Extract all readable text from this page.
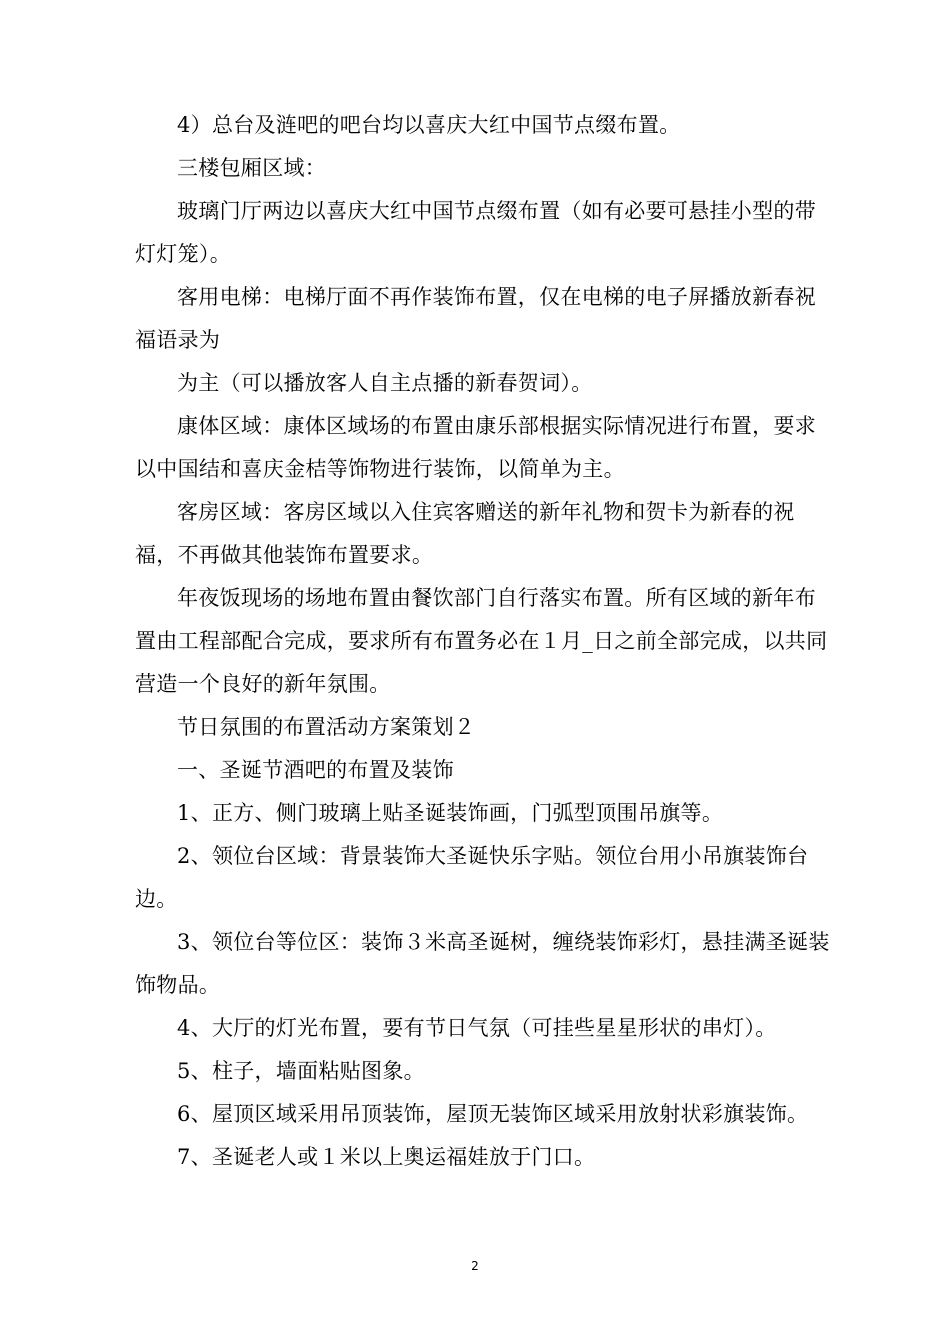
4）总台及涟吧的吧台均以喜庆大红中国节点缀布置。

三楼包厢区域：

玻璃门厅两边以喜庆大红中国节点缀布置（如有必要可悬挂小型的带灯灯笼）。

客用电梯：电梯厅面不再作装饰布置，仅在电梯的电子屏播放新春祝福语录为

为主（可以播放客人自主点播的新春贺词）。

康体区域：康体区域场的布置由康乐部根据实际情况进行布置，要求以中国结和喜庆金桔等饰物进行装饰，以简单为主。

客房区域：客房区域以入住宾客赠送的新年礼物和贺卡为新春的祝福，不再做其他装饰布置要求。

年夜饭现场的场地布置由餐饮部门自行落实布置。所有区域的新年布置由工程部配合完成，要求所有布置务必在１月_日之前全部完成，以共同营造一个良好的新年氛围。

节日氛围的布置活动方案策划２

一、圣诞节酒吧的布置及装饰

1、正方、侧门玻璃上贴圣诞装饰画，门弧型顶围吊旗等。

2、领位台区域：背景装饰大圣诞快乐字贴。领位台用小吊旗装饰台边。

3、领位台等位区：装饰３米高圣诞树，缠绕装饰彩灯，悬挂满圣诞装饰物品。

4、大厅的灯光布置，要有节日气氛（可挂些星星形状的串灯）。

5、柱子，墙面粘贴图象。

6、屋顶区域采用吊顶装饰，屋顶无装饰区域采用放射状彩旗装饰。

7、圣诞老人或１米以上奥运福娃放于门口。

2
